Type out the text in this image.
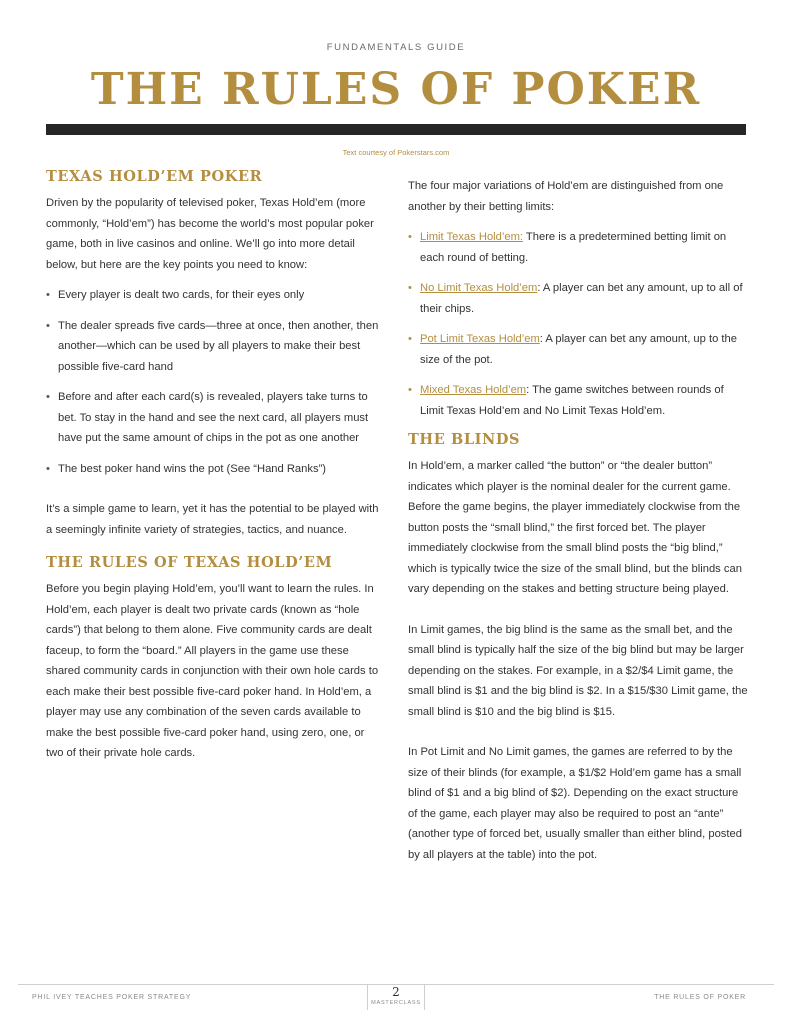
FUNDAMENTALS GUIDE
THE RULES OF POKER
Text courtesy of Pokerstars.com
TEXAS HOLD’EM POKER

Driven by the popularity of televised poker, Texas Hold’em (more commonly, “Hold’em”) has become the world’s most popular poker game, both in live casinos and online. We’ll go into more detail below, but here are the key points you need to know:

• Every player is dealt two cards, for their eyes only
• The dealer spreads five cards—three at once, then another, then another—which can be used by all players to make their best possible five-card hand
• Before and after each card(s) is revealed, players take turns to bet. To stay in the hand and see the next card, all players must have put the same amount of chips in the pot as one another
• The best poker hand wins the pot (See “Hand Ranks”)

It’s a simple game to learn, yet it has the potential to be played with a seemingly infinite variety of strategies, tactics, and nuance.

THE RULES OF TEXAS HOLD’EM

Before you begin playing Hold’em, you’ll want to learn the rules. In Hold’em, each player is dealt two private cards (known as “hole cards”) that belong to them alone. Five community cards are dealt faceup, to form the “board.” All players in the game use these shared community cards in conjunction with their own hole cards to each make their best possible five-card poker hand. In Hold’em, a player may use any combination of the seven cards available to make the best possible five-card poker hand, using zero, one, or two of their private hole cards.

The four major variations of Hold’em are distinguished from one another by their betting limits:

• Limit Texas Hold’em: There is a predetermined betting limit on each round of betting.
• No Limit Texas Hold’em: A player can bet any amount, up to all of their chips.
• Pot Limit Texas Hold’em: A player can bet any amount, up to the size of the pot.
• Mixed Texas Hold’em: The game switches between rounds of Limit Texas Hold’em and No Limit Texas Hold’em.
THE BLINDS

In Hold’em, a marker called “the button” or “the dealer button” indicates which player is the nominal dealer for the current game. Before the game begins, the player immediately clockwise from the button posts the “small blind,” the first forced bet. The player immediately clockwise from the small blind posts the “big blind,” which is typically twice the size of the small blind, but the blinds can vary depending on the stakes and betting structure being played.

In Limit games, the big blind is the same as the small bet, and the small blind is typically half the size of the big blind but may be larger depending on the stakes. For example, in a $2/$4 Limit game, the small blind is $1 and the big blind is $2. In a $15/$30 Limit game, the small blind is $10 and the big blind is $15.

In Pot Limit and No Limit games, the games are referred to by the size of their blinds (for example, a $1/$2 Hold’em game has a small blind of $1 and a big blind of $2). Depending on the exact structure of the game, each player may also be required to post an “ante” (another type of forced bet, usually smaller than either blind, posted by all players at the table) into the pot.

PHIL IVEY TEACHES POKER STRATEGY	2
MASTERCLASS
THE RULES OF POKER
